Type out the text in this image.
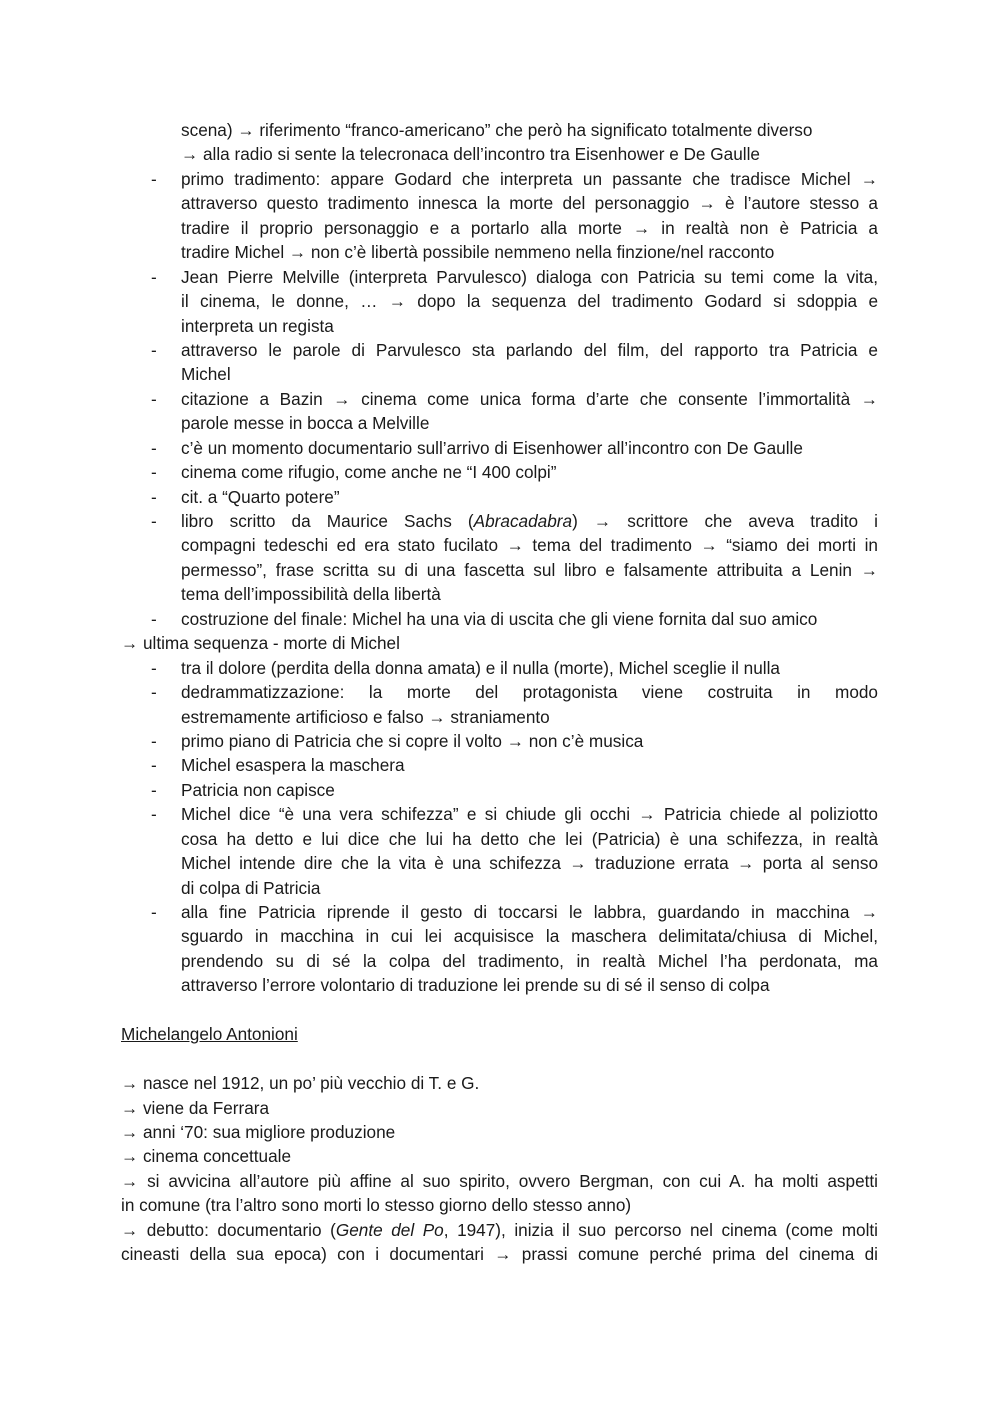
scena) → riferimento “franco-americano” che però ha significato totalmente diverso
→ alla radio si sente la telecronaca dell’incontro tra Eisenhower e De Gaulle
-	primo tradimento: appare Godard che interpreta un passante che tradisce Michel →
attraverso questo tradimento innesca la morte del personaggio → è l’autore stesso a
tradire il proprio personaggio e a portarlo alla morte → in realtà non è Patricia a
tradire Michel → non c’è libertà possibile nemmeno nella finzione/nel racconto
-	Jean Pierre Melville (interpreta Parvulesco) dialoga con Patricia su temi come la vita,
il cinema, le donne, … → dopo la sequenza del tradimento Godard si sdoppia e
interpreta un regista
-	attraverso le parole di Parvulesco sta parlando del film, del rapporto tra Patricia e
Michel
-	citazione a Bazin → cinema come unica forma d’arte che consente l’immortalità →
parole messe in bocca a Melville
-	c’è un momento documentario sull’arrivo di Eisenhower all’incontro con De Gaulle
-	cinema come rifugio, come anche ne “I 400 colpi”
-	cit. a “Quarto potere”
-	libro scritto da Maurice Sachs (Abracadabra) → scrittore che aveva tradito i
compagni tedeschi ed era stato fucilato → tema del tradimento → “siamo dei morti in
permesso”, frase scritta su di una fascetta sul libro e falsamente attribuita a Lenin →
tema dell’impossibilità della libertà
-	costruzione del finale: Michel ha una via di uscita che gli viene fornita dal suo amico
→ ultima sequenza - morte di Michel
-	tra il dolore (perdita della donna amata) e il nulla (morte), Michel sceglie il nulla
-	dedrammatizzazione: la morte del protagonista viene costruita in modo
estremamente artificioso e falso → straniamento
-	primo piano di Patricia che si copre il volto → non c’è musica
-	Michel esaspera la maschera
-	Patricia non capisce
-	Michel dice “è una vera schifezza” e si chiude gli occhi → Patricia chiede al poliziotto
cosa ha detto e lui dice che lui ha detto che lei (Patricia) è una schifezza, in realtà
Michel intende dire che la vita è una schifezza → traduzione errata → porta al senso
di colpa di Patricia
-	alla fine Patricia riprende il gesto di toccarsi le labbra, guardando in macchina →
sguardo in macchina in cui lei acquisisce la maschera delimitata/chiusa di Michel,
prendendo su di sé la colpa del tradimento, in realtà Michel l’ha perdonata, ma
attraverso l’errore volontario di traduzione lei prende su di sé il senso di colpa
Michelangelo Antonioni
→ nasce nel 1912, un po’ più vecchio di T. e G.
→ viene da Ferrara
→ anni ‘70: sua migliore produzione
→ cinema concettuale
→ si avvicina all’autore più affine al suo spirito, ovvero Bergman, con cui A. ha molti aspetti
in comune (tra l’altro sono morti lo stesso giorno dello stesso anno)
→ debutto: documentario (Gente del Po, 1947), inizia il suo percorso nel cinema (come molti
cineasti della sua epoca) con i documentari → prassi comune perché prima del cinema di
